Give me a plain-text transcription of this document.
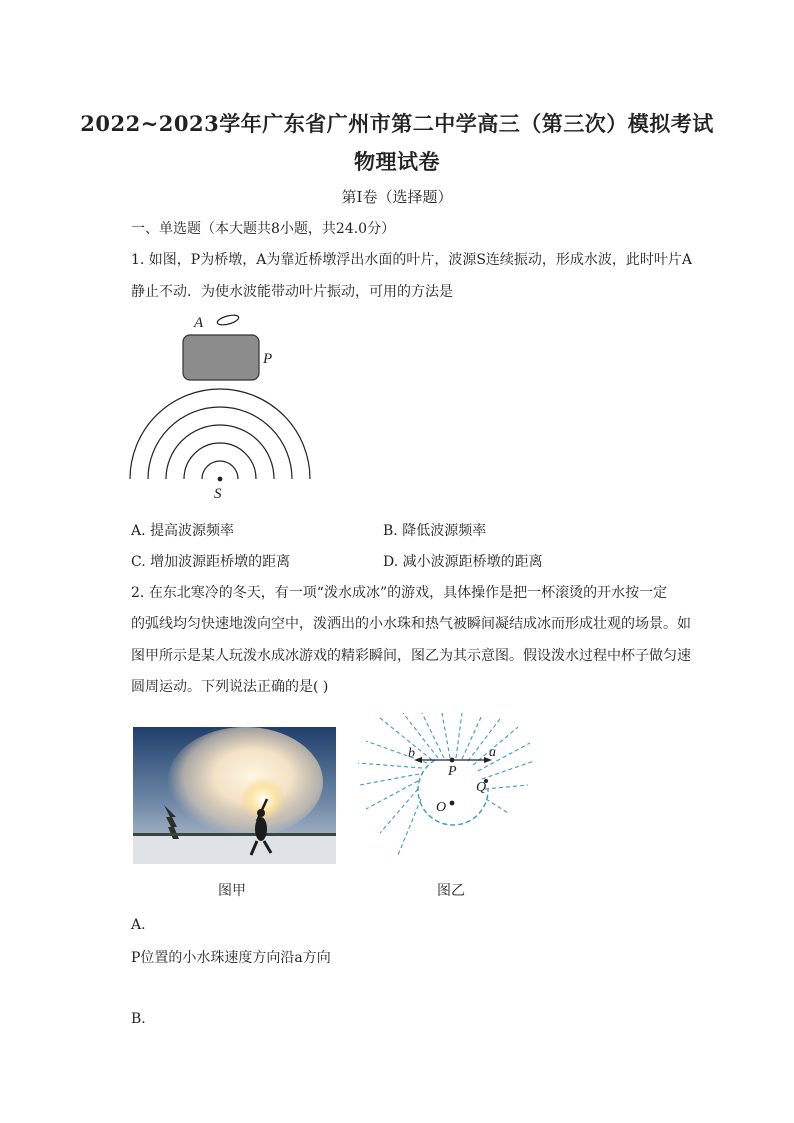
2022~2023学年广东省广州市第二中学高三（第三次）模拟考试
物理试卷
第Ⅰ卷（选择题）
一、单选题（本大题共8小题，共24.0分）
1. 如图，P为桥墩，A为靠近桥墩浮出水面的叶片，波源S连续振动，形成水波，此时叶片A
静止不动．为使水波能带动叶片振动，可用的方法是
A
P
S
A. 提高波源频率	B. 降低波源频率
C. 增加波源距桥墩的距离	D. 减小波源距桥墩的距离
2. 在东北寒冷的冬天，有一项“泼水成冰”的游戏，具体操作是把一杯滚烫的开水按一定
的弧线均匀快速地泼向空中，泼洒出的小水珠和热气被瞬间凝结成冰而形成壮观的场景。如
图甲所示是某人玩泼水成冰游戏的精彩瞬间，图乙为其示意图。假设泼水过程中杯子做匀速
圆周运动。下列说法正确的是( )
b	a
P
Q
O
图甲	图乙
A.
P位置的小水珠速度方向沿a方向
B.
